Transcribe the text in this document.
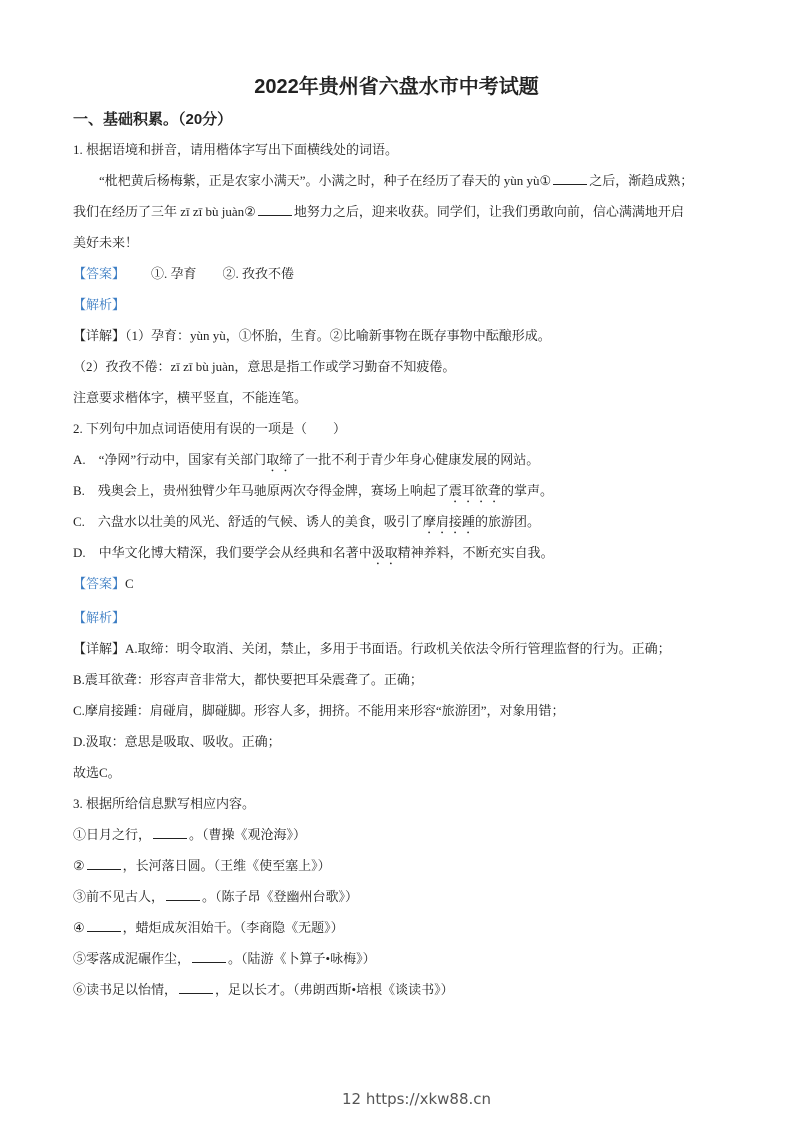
2022年贵州省六盘水市中考试题
一、基础积累。（20分）
1. 根据语境和拼音，请用楷体字写出下面横线处的词语。
“枇杷黄后杨梅紫，正是农家小满天”。小满之时，种子在经历了春天的 yùn yù①	之后，渐趋成熟；
我们在经历了三年 zī zī bù juàn②	地努力之后，迎来收获。同学们，让我们勇敢向前，信心满满地开启
美好未来！
【答案】 ①. 孕育 ②. 孜孜不倦
【解析】
【详解】（1）孕育：yùn yù，①怀胎，生育。②比喻新事物在既存事物中酝酿形成。
（2）孜孜不倦：zī zī bù juàn，意思是指工作或学习勤奋不知疲倦。
注意要求楷体字，横平竖直，不能连笔。
2. 下列句中加点词语使用有误的一项是（　　）
A.　“净网”行动中，国家有关部门取缔了一批不利于青少年身心健康发展的网站。
B.　残奥会上，贵州独臂少年马驰原两次夺得金牌，赛场上响起了震耳欲聋的掌声。
C.　六盘水以壮美的风光、舒适的气候、诱人的美食，吸引了摩肩接踵的旅游团。
D.　中华文化博大精深，我们要学会从经典和名著中汲取精神养料，不断充实自我。
【答案】C
【解析】
【详解】A.取缔：明令取消、关闭，禁止，多用于书面语。行政机关依法令所行管理监督的行为。正确；
B.震耳欲聋：形容声音非常大，都快要把耳朵震聋了。正确；
C.摩肩接踵：肩碰肩，脚碰脚。形容人多，拥挤。不能用来形容“旅游团”，对象用错；
D.汲取：意思是吸取、吸收。正确；
故选C。
3. 根据所给信息默写相应内容。
①日月之行，	。（曹操《观沧海》）
②	，长河落日圆。（王维《使至塞上》）
③前不见古人，	。（陈子昂《登幽州台歌》）
④	，蜡炬成灰泪始干。（李商隐《无题》）
⑤零落成泥碾作尘，	。（陆游《卜算子•咏梅》）
⑥读书足以怡情，	，足以长才。（弗朗西斯•培根《谈读书》）
12 https://xkw88.cn
